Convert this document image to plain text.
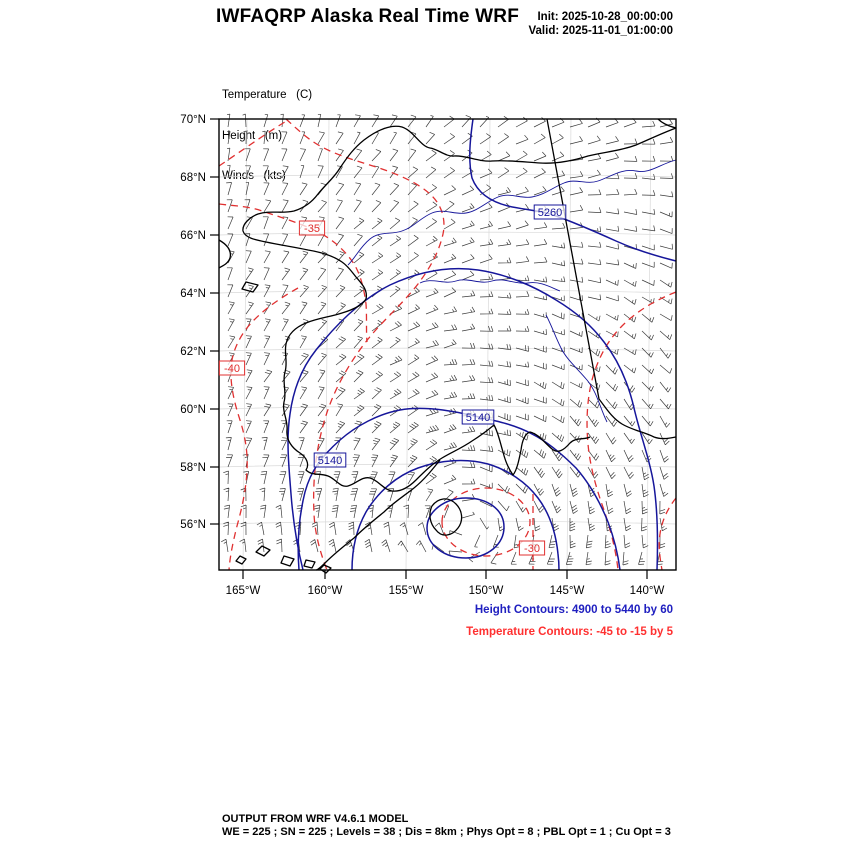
IWFAQRP Alaska Real Time WRF	Init: 2025-10-28_00:00:00
Valid: 2025-11-01_01:00:00

Temperature   (C)

Height   (m)

Winds   (kts)

70°N
68°N
66°N
64°N
62°N
60°N
58°N
56°N
165°W	160°W	155°W	150°W	145°W	140°W
-35
-40
-30
5260
5140
5140
Height Contours: 4900 to 5440 by 60
Temperature Contours: -45 to -15 by 5
OUTPUT FROM WRF V4.6.1 MODEL
WE = 225 ; SN = 225 ; Levels = 38 ; Dis = 8km ; Phys Opt = 8 ; PBL Opt = 1 ; Cu Opt = 3
